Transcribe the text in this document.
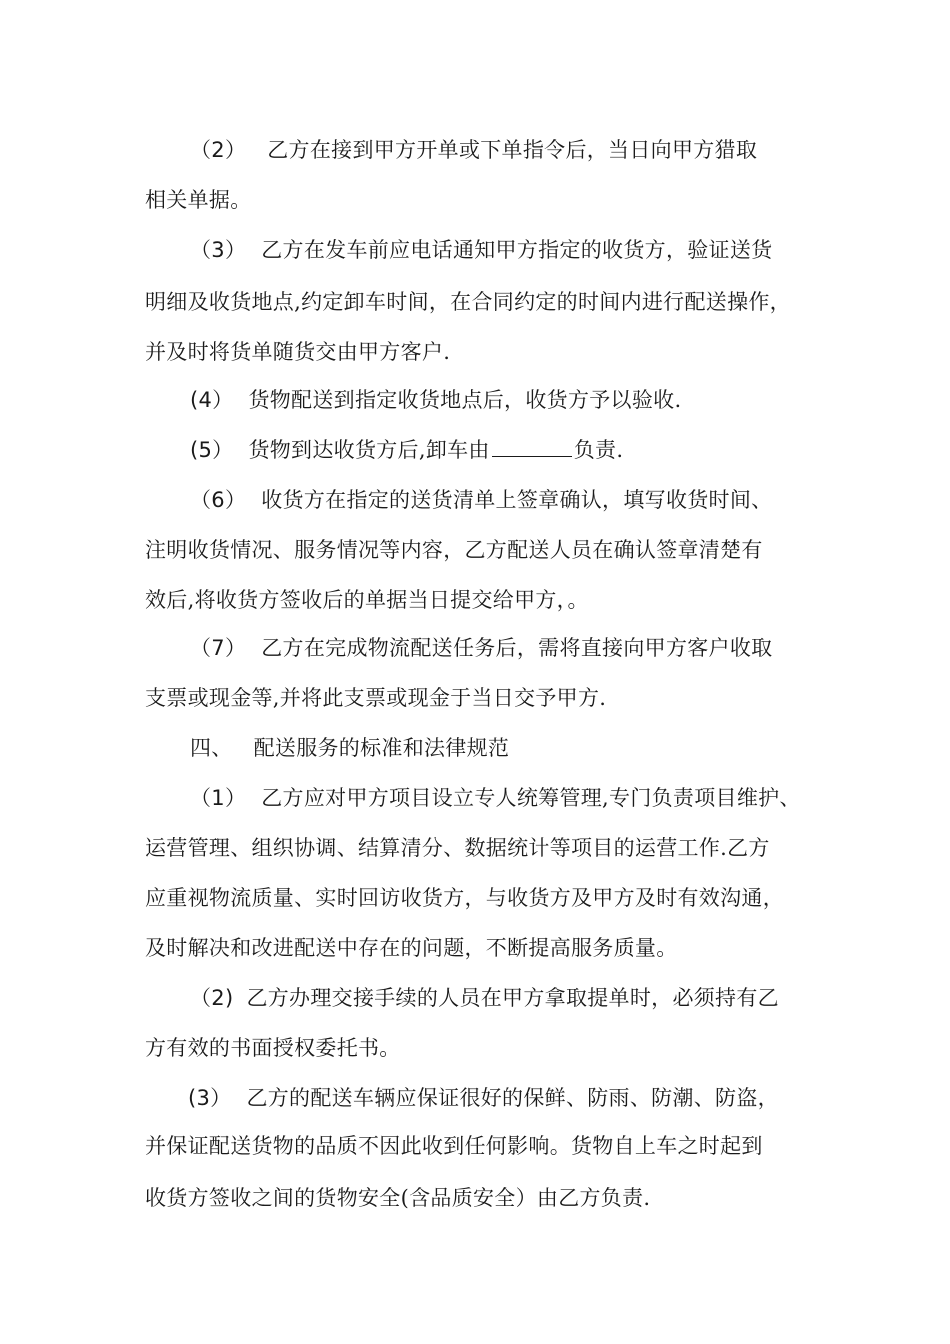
（2） 乙方在接到甲方开单或下单指令后，当日向甲方猎取
相关单据。
（3） 乙方在发车前应电话通知甲方指定的收货方，验证送货
明细及收货地点,约定卸车时间，在合同约定的时间内进行配送操作，
并及时将货单随货交由甲方客户.
(4） 货物配送到指定收货地点后，收货方予以验收.
(5） 货物到达收货方后,卸车由	负责.
（6） 收货方在指定的送货清单上签章确认，填写收货时间、
注明收货情况、服务情况等内容，乙方配送人员在确认签章清楚有
效后,将收货方签收后的单据当日提交给甲方，。
（7） 乙方在完成物流配送任务后，需将直接向甲方客户收取
支票或现金等,并将此支票或现金于当日交予甲方.
四、 配送服务的标准和法律规范
（1） 乙方应对甲方项目设立专人统筹管理,专门负责项目维护、
运营管理、组织协调、结算清分、数据统计等项目的运营工作.乙方
应重视物流质量、实时回访收货方，与收货方及甲方及时有效沟通，
及时解决和改进配送中存在的问题，不断提高服务质量。
（2) 乙方办理交接手续的人员在甲方拿取提单时，必须持有乙
方有效的书面授权委托书。
(3） 乙方的配送车辆应保证很好的保鲜、防雨、防潮、防盗，
并保证配送货物的品质不因此收到任何影响。货物自上车之时起到
收货方签收之间的货物安全(含品质安全）由乙方负责.
